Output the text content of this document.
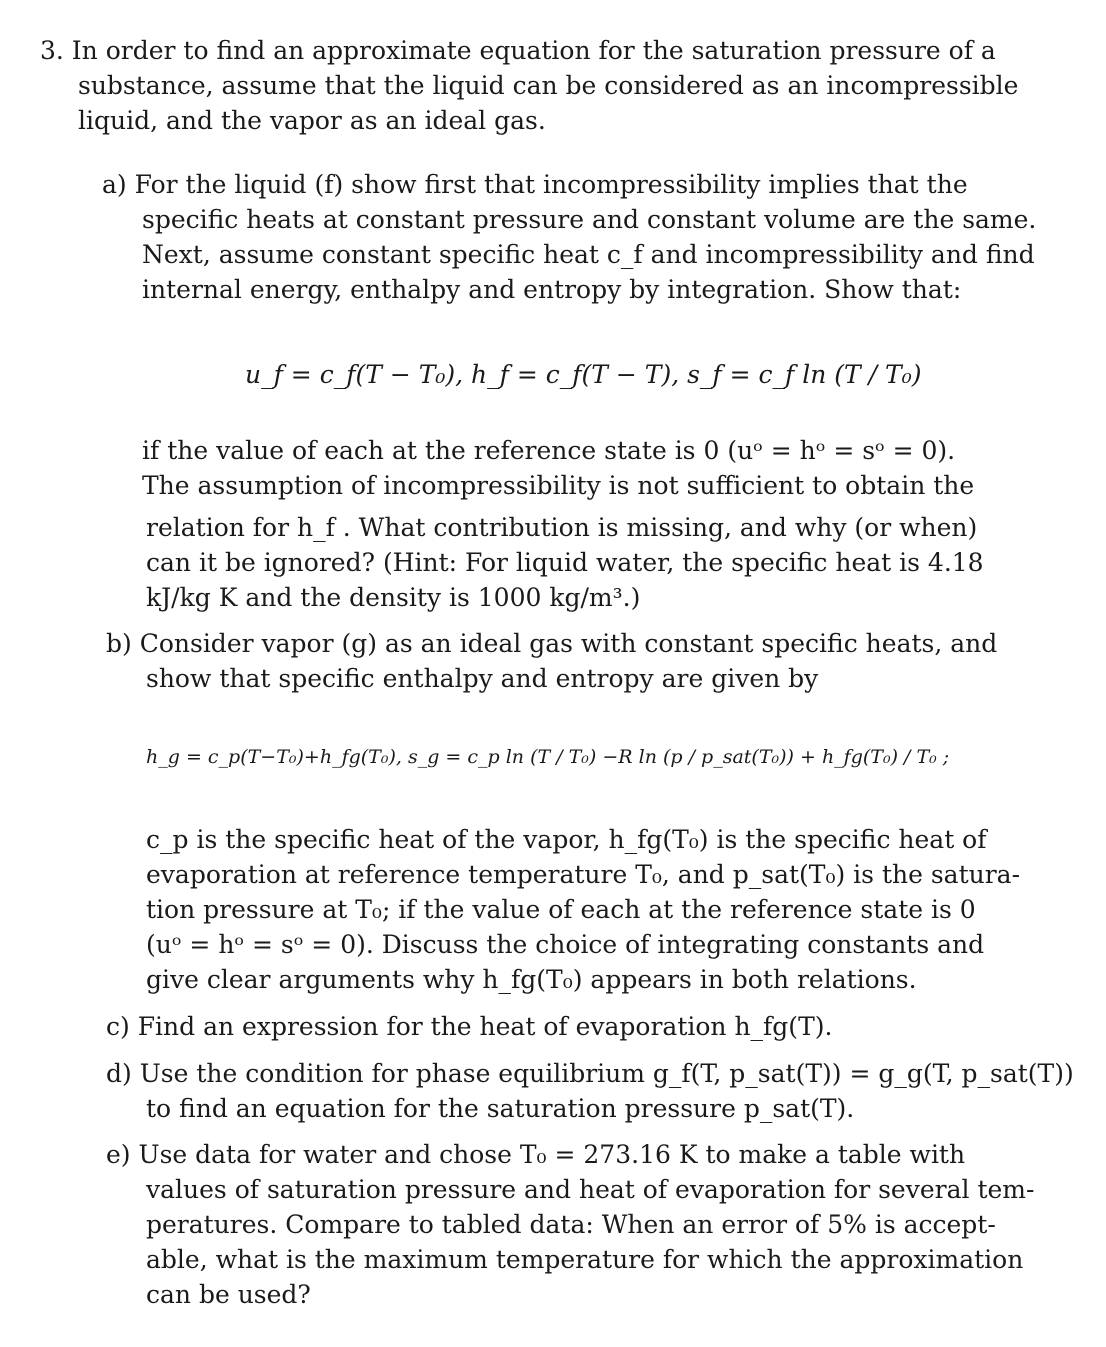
3. In order to find an approximate equation for the saturation pressure of a
substance, assume that the liquid can be considered as an incompressible
liquid, and the vapor as an ideal gas.
a) For the liquid (f) show first that incompressibility implies that the
specific heats at constant pressure and constant volume are the same.
Next, assume constant specific heat c_f and incompressibility and find
internal energy, enthalpy and entropy by integration. Show that:
u_f = c_f(T − T₀), h_f = c_f(T − T), s_f = c_f ln (T / T₀)
if the value of each at the reference state is 0 (uᵒ = hᵒ = sᵒ = 0).
The assumption of incompressibility is not sufficient to obtain the
relation for h_f . What contribution is missing, and why (or when)
can it be ignored? (Hint: For liquid water, the specific heat is 4.18
kJ/kg K and the density is 1000 kg/m³.)
b) Consider vapor (g) as an ideal gas with constant specific heats, and
show that specific enthalpy and entropy are given by
h_g = c_p(T−T₀)+h_fg(T₀), s_g = c_p ln (T / T₀) −R ln (p / p_sat(T₀)) + h_fg(T₀) / T₀ ;
c_p is the specific heat of the vapor, h_fg(T₀) is the specific heat of
evaporation at reference temperature T₀, and p_sat(T₀) is the satura-
tion pressure at T₀; if the value of each at the reference state is 0
(uᵒ = hᵒ = sᵒ = 0). Discuss the choice of integrating constants and
give clear arguments why h_fg(T₀) appears in both relations.
c) Find an expression for the heat of evaporation h_fg(T).
d) Use the condition for phase equilibrium g_f(T, p_sat(T)) = g_g(T, p_sat(T))
to find an equation for the saturation pressure p_sat(T).
e) Use data for water and chose T₀ = 273.16 K to make a table with
values of saturation pressure and heat of evaporation for several tem-
peratures. Compare to tabled data: When an error of 5% is accept-
able, what is the maximum temperature for which the approximation
can be used?
